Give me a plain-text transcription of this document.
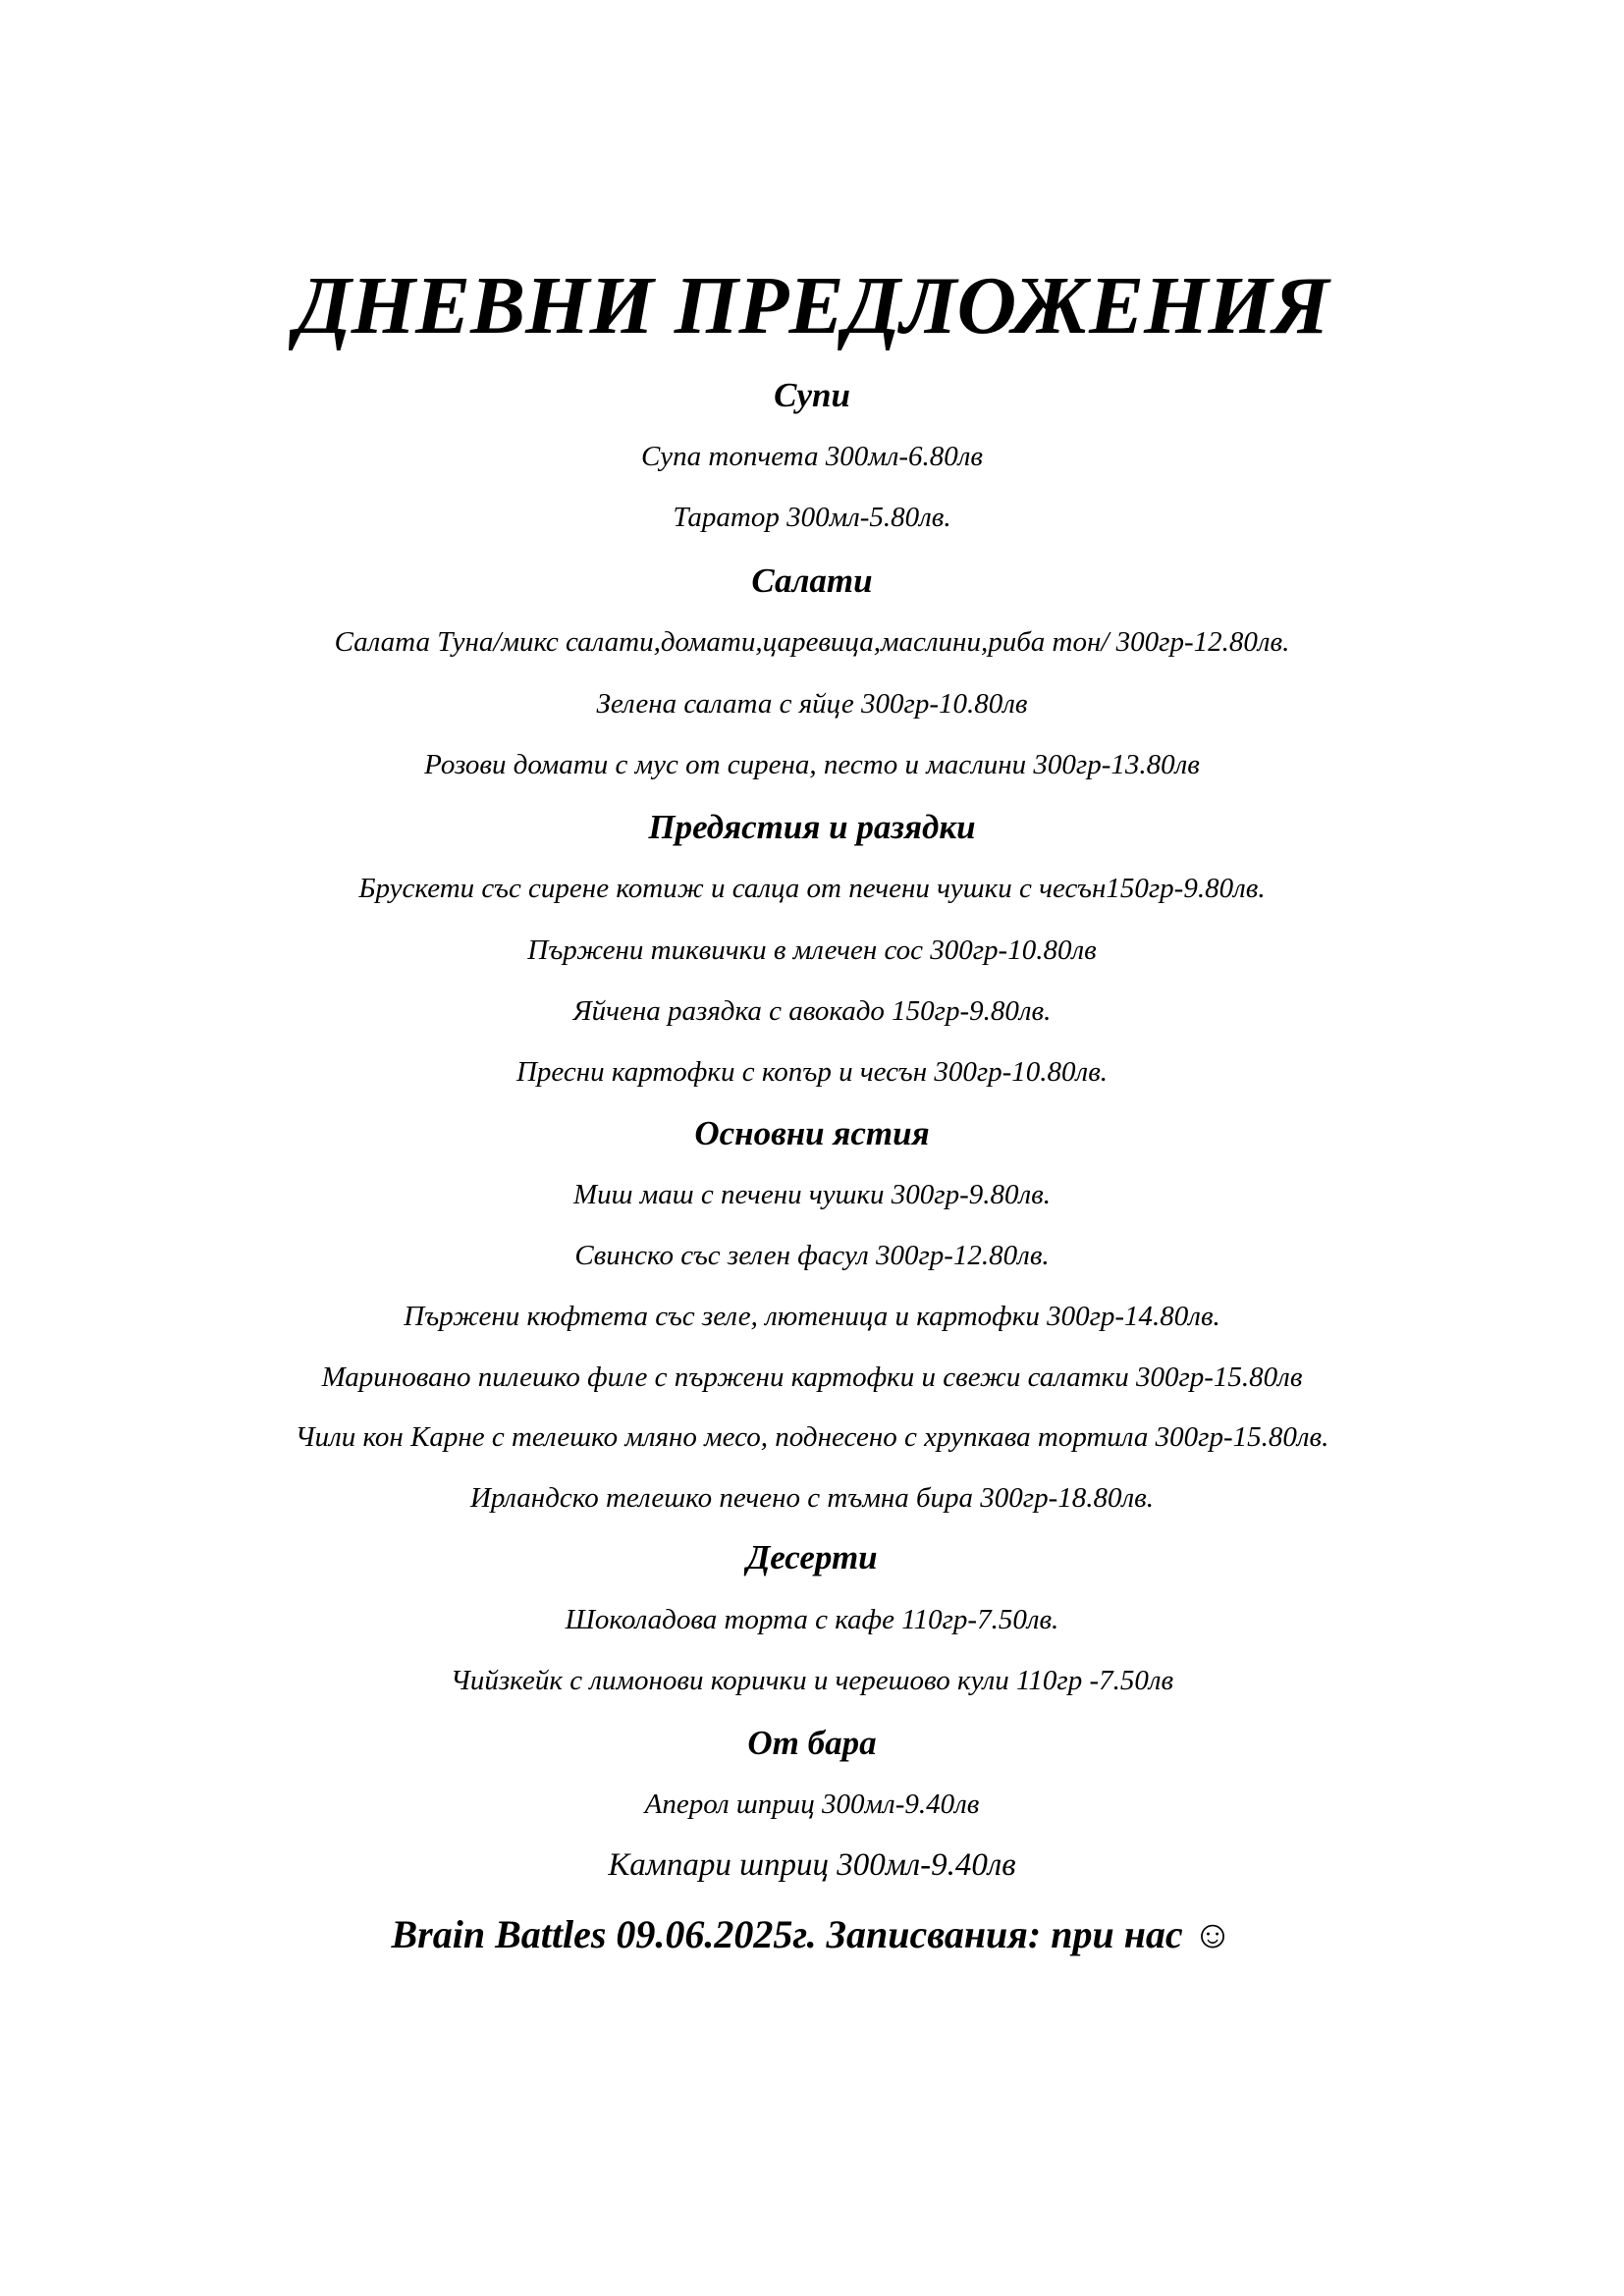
ДНЕВНИ ПРЕДЛОЖЕНИЯ
Супи
Супа топчета 300мл-6.80лв
Таратор 300мл-5.80лв.
Салати
Салата Туна/микс салати,домати,царевица,маслини,риба тон/ 300гр-12.80лв.
Зелена салата с яйце 300гр-10.80лв
Розови домати с мус от сирена, песто и маслини 300гр-13.80лв
Предястия и разядки
Брускети със сирене котиж и салца от печени чушки с чесън150гр-9.80лв.
Пържени тиквички в млечен сос 300гр-10.80лв
Яйчена разядка с авокадо 150гр-9.80лв.
Пресни картофки с копър и чесън 300гр-10.80лв.
Основни ястия
Миш маш с печени чушки 300гр-9.80лв.
Свинско със зелен фасул 300гр-12.80лв.
Пържени кюфтета със зеле, лютеница и картофки 300гр-14.80лв.
Мариновано пилешко филе с пържени картофки и свежи салатки 300гр-15.80лв
Чили кон Карне с телешко мляно месо, поднесено с хрупкава тортила 300гр-15.80лв.
Ирландско телешко печено с тъмна бира 300гр-18.80лв.
Десерти
Шоколадова торта с кафе 110гр-7.50лв.
Чийзкейк с лимонови корички и черешово кули 110гр -7.50лв
От бара
Аперол шприц 300мл-9.40лв
Кампари шприц 300мл-9.40лв
Brain Battles 09.06.2025г. Записвания: при нас ☺
